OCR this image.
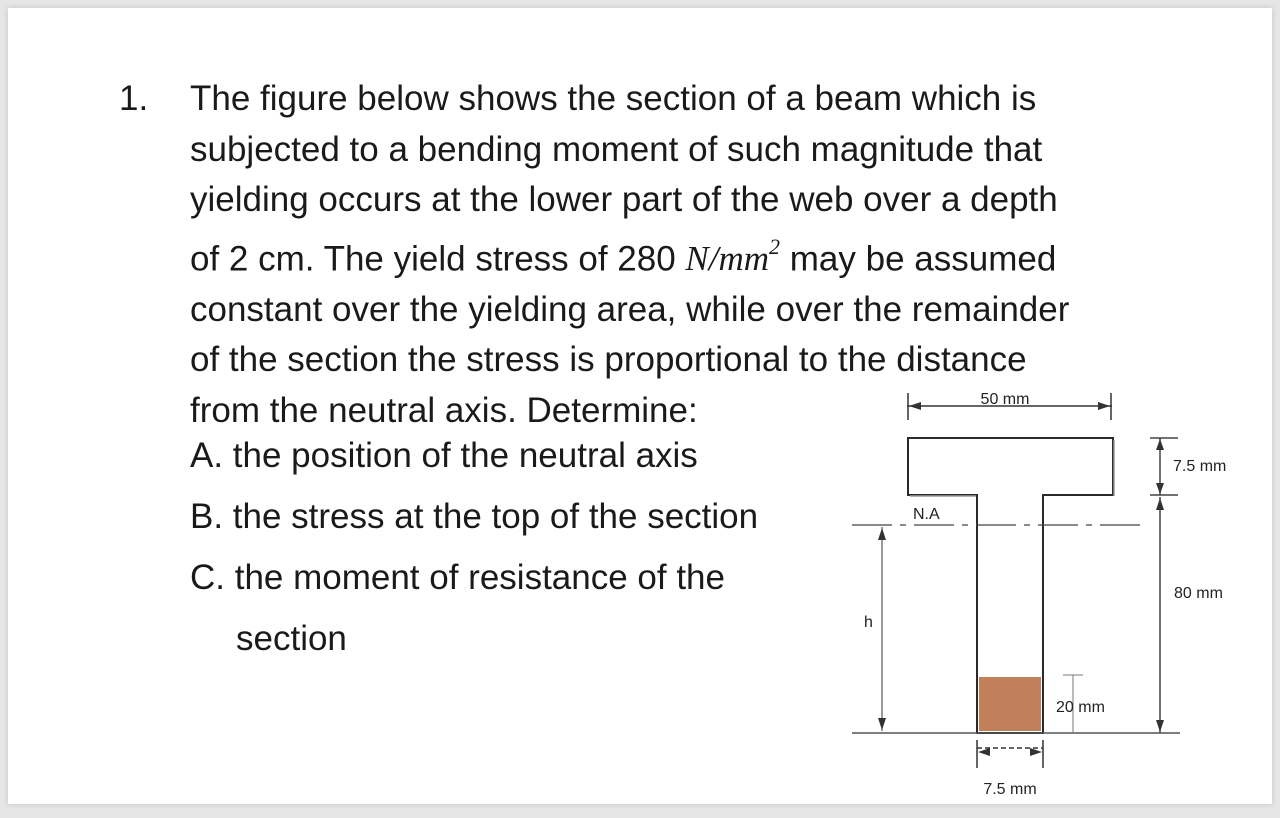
1. The figure below shows the section of a beam which is
subjected to a bending moment of such magnitude that
yielding occurs at the lower part of the web over a depth
of 2 cm. The yield stress of 280 $N/mm^2$ may be assumed
constant over the yielding area, while over the remainder
of the section the stress is proportional to the distance
from the neutral axis. Determine:
A. the position of the neutral axis
B. the stress at the top of the section
C. the moment of resistance of the
section
50 mm
N.A
h
7.5 mm
80 mm
20 mm
7.5 mm
